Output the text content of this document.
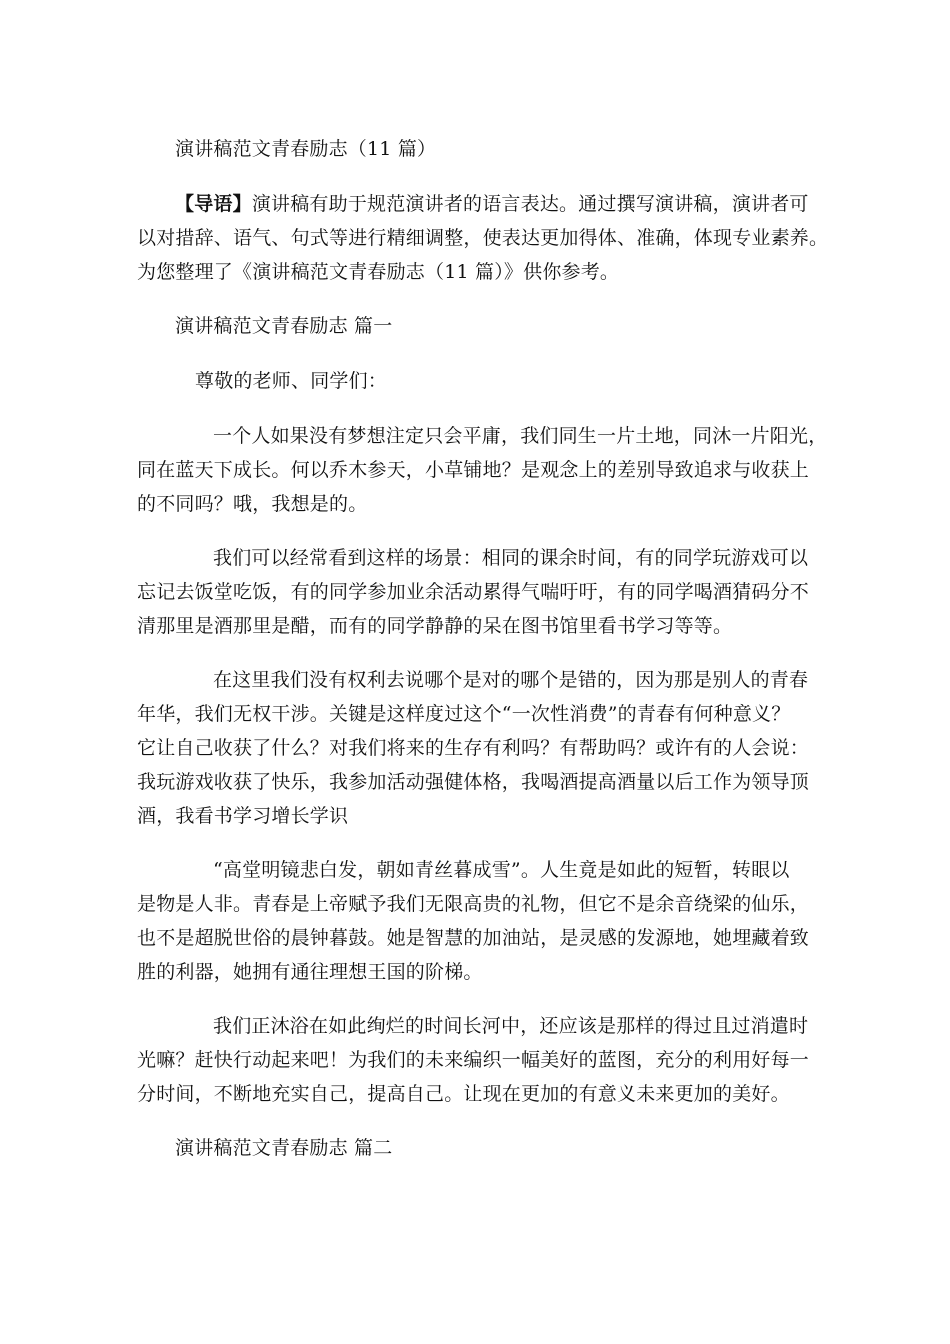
演讲稿范文青春励志（11 篇）
【导语】演讲稿有助于规范演讲者的语言表达。通过撰写演讲稿，演讲者可
以对措辞、语气、句式等进行精细调整，使表达更加得体、准确，体现专业素养。
为您整理了《演讲稿范文青春励志（11 篇）》供你参考。
演讲稿范文青春励志 篇一
尊敬的老师、同学们：
一个人如果没有梦想注定只会平庸，我们同生一片土地，同沐一片阳光，
同在蓝天下成长。何以乔木参天，小草铺地？是观念上的差别导致追求与收获上
的不同吗？哦，我想是的。
我们可以经常看到这样的场景：相同的课余时间，有的同学玩游戏可以
忘记去饭堂吃饭，有的同学参加业余活动累得气喘吁吁，有的同学喝酒猜码分不
清那里是酒那里是醋，而有的同学静静的呆在图书馆里看书学习等等。
在这里我们没有权利去说哪个是对的哪个是错的，因为那是别人的青春
年华，我们无权干涉。关键是这样度过这个“一次性消费”的青春有何种意义？
它让自己收获了什么？对我们将来的生存有利吗？有帮助吗？或许有的人会说：
我玩游戏收获了快乐，我参加活动强健体格，我喝酒提高酒量以后工作为领导顶
酒，我看书学习增长学识
“高堂明镜悲白发，朝如青丝暮成雪”。人生竟是如此的短暂，转眼以
是物是人非。青春是上帝赋予我们无限高贵的礼物，但它不是余音绕梁的仙乐，
也不是超脱世俗的晨钟暮鼓。她是智慧的加油站，是灵感的发源地，她埋藏着致
胜的利器，她拥有通往理想王国的阶梯。
我们正沐浴在如此绚烂的时间长河中，还应该是那样的得过且过消遣时
光嘛？赶快行动起来吧！为我们的未来编织一幅美好的蓝图，充分的利用好每一
分时间，不断地充实自己，提高自己。让现在更加的有意义未来更加的美好。
演讲稿范文青春励志 篇二
